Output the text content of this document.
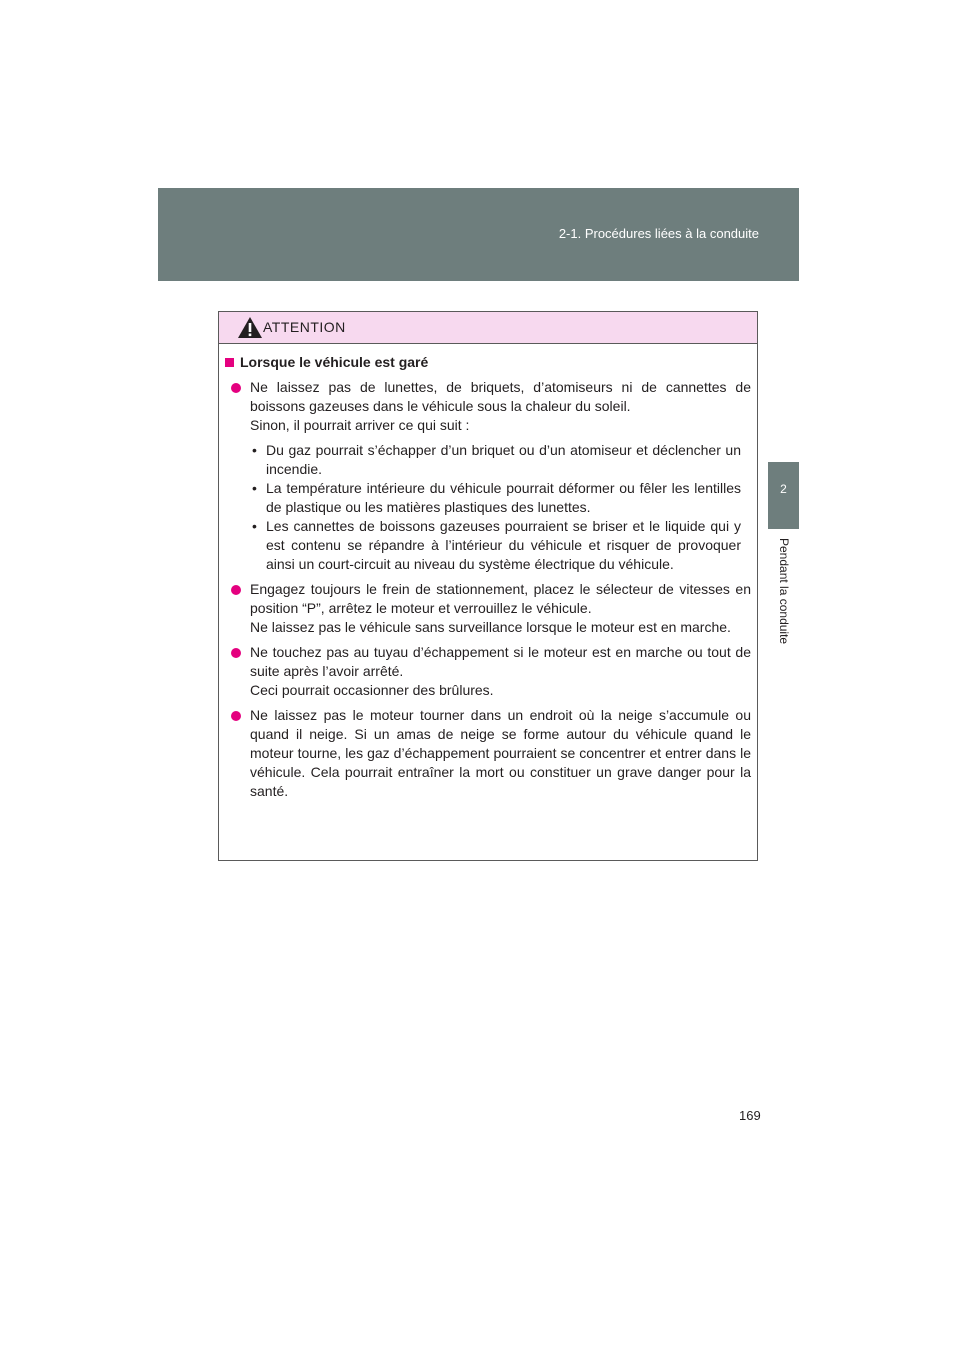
2-1. Procédures liées à la conduite
2
Pendant la conduite
ATTENTION
Lorsque le véhicule est garé

Ne laissez pas de lunettes, de briquets, d’atomiseurs ni de cannettes de boissons gazeuses dans le véhicule sous la chaleur du soleil.

Sinon, il pourrait arriver ce qui suit :

• Du gaz pourrait s’échapper d’un briquet ou d’un atomiseur et déclencher un incendie.

• La température intérieure du véhicule pourrait déformer ou fêler les lentilles de plastique ou les matières plastiques des lunettes.

• Les cannettes de boissons gazeuses pourraient se briser et le liquide qui y est contenu se répandre à l’intérieur du véhicule et risquer de provoquer ainsi un court-circuit au niveau du système électrique du véhicule.

Engagez toujours le frein de stationnement, placez le sélecteur de vitesses en position “P”, arrêtez le moteur et verrouillez le véhicule.

Ne laissez pas le véhicule sans surveillance lorsque le moteur est en marche.

Ne touchez pas au tuyau d’échappement si le moteur est en marche ou tout de suite après l’avoir arrêté.

Ceci pourrait occasionner des brûlures.

Ne laissez pas le moteur tourner dans un endroit où la neige s’accumule ou quand il neige. Si un amas de neige se forme autour du véhicule quand le moteur tourne, les gaz d’échappement pourraient se concentrer et entrer dans le véhicule. Cela pourrait entraîner la mort ou constituer un grave danger pour la santé.

169
